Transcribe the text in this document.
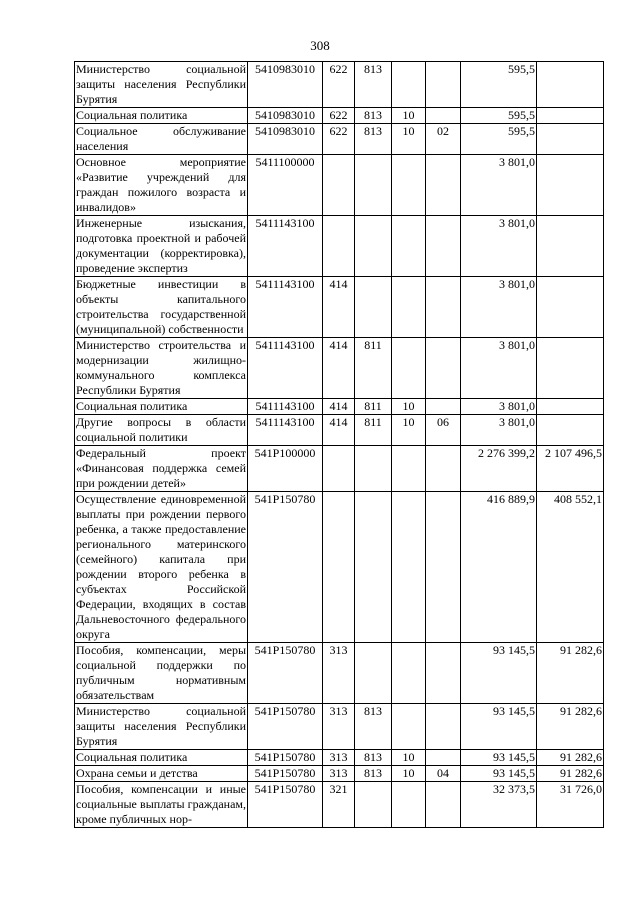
308
Министерство социальной защиты населения Республики Бурятия	5410983010	622	813			595,5	
Социальная политика	5410983010	622	813	10		595,5	
Социальное обслуживание населения	5410983010	622	813	10	02	595,5	
Основное мероприятие «Развитие учреждений для граждан пожилого возраста и инвалидов»	5411100000					3 801,0	
Инженерные изыскания, подготовка проектной и рабочей документации (корректировка), проведение экспертиз	5411143100					3 801,0	
Бюджетные инвестиции в объекты капитального строительства государственной (муниципальной) собственности	5411143100	414				3 801,0	
Министерство строительства и модернизации жилищно-коммунального комплекса Республики Бурятия	5411143100	414	811			3 801,0	
Социальная политика	5411143100	414	811	10		3 801,0	
Другие вопросы в области социальной политики	5411143100	414	811	10	06	3 801,0	
Федеральный проект «Финансовая поддержка семей при рождении детей»	541P100000					2 276 399,2	2 107 496,5
Осуществление единовременной выплаты при рождении первого ребенка, а также предоставление регионального материнского (семейного) капитала при рождении второго ребенка в субъектах Российской Федерации, входящих в состав Дальневосточного федерального округа	541P150780					416 889,9	408 552,1
Пособия, компенсации, меры социальной поддержки по публичным нормативным обязательствам	541P150780	313				93 145,5	91 282,6
Министерство социальной защиты населения Республики Бурятия	541P150780	313	813			93 145,5	91 282,6
Социальная политика	541P150780	313	813	10		93 145,5	91 282,6
Охрана семьи и детства	541P150780	313	813	10	04	93 145,5	91 282,6
Пособия, компенсации и иные социальные выплаты гражданам, кроме публичных нор-	541P150780	321				32 373,5	31 726,0
